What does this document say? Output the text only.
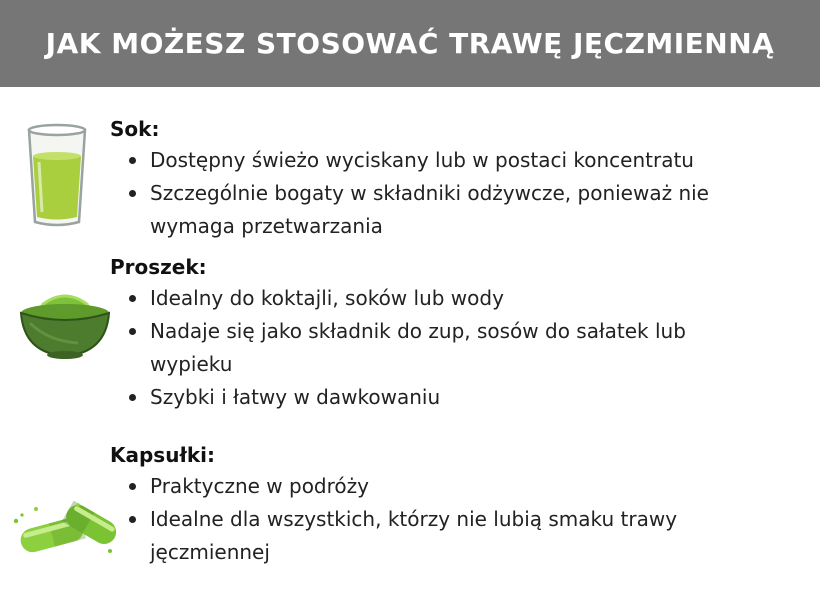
JAK MOŻESZ STOSOWAĆ TRAWĘ JĘCZMIENNĄ
Sok:
Dostępny świeżo wyciskany lub w postaci koncentratu
Szczególnie bogaty w składniki odżywcze, ponieważ nie wymaga przetwarzania
Proszek:
Idealny do koktajli, soków lub wody
Nadaje się jako składnik do zup, sosów do sałatek lub wypieku
Szybki i łatwy w dawkowaniu
Kapsułki:
Praktyczne w podróży
Idealne dla wszystkich, którzy nie lubią smaku trawy jęczmiennej
